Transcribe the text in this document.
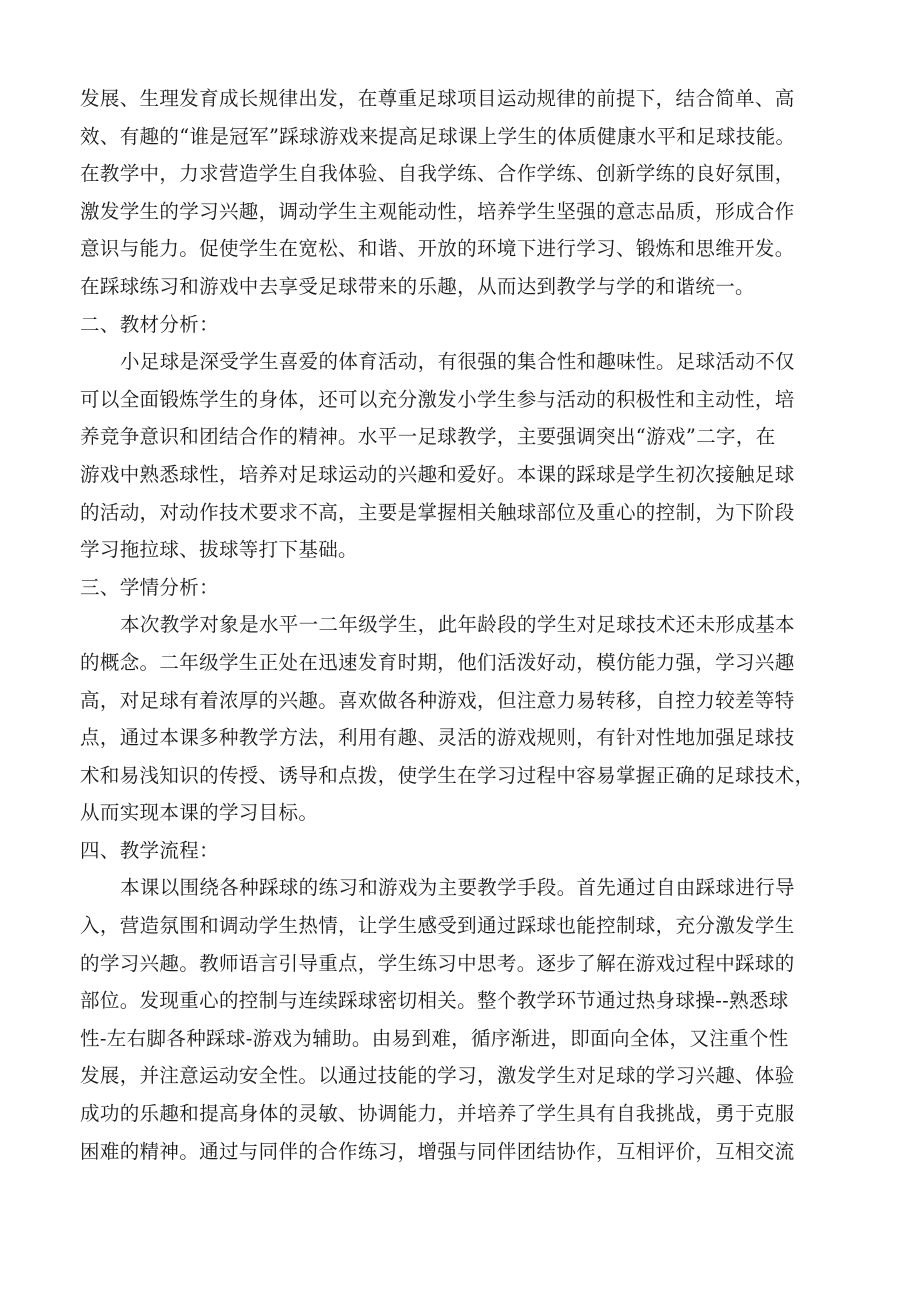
发展、生理发育成长规律出发，在尊重足球项目运动规律的前提下，结合简单、高
效、有趣的“谁是冠军”踩球游戏来提高足球课上学生的体质健康水平和足球技能。
在教学中，力求营造学生自我体验、自我学练、合作学练、创新学练的良好氛围，
激发学生的学习兴趣，调动学生主观能动性，培养学生坚强的意志品质，形成合作
意识与能力。促使学生在宽松、和谐、开放的环境下进行学习、锻炼和思维开发。
在踩球练习和游戏中去享受足球带来的乐趣，从而达到教学与学的和谐统一。
二、教材分析：
小足球是深受学生喜爱的体育活动，有很强的集合性和趣味性。足球活动不仅
可以全面锻炼学生的身体，还可以充分激发小学生参与活动的积极性和主动性，培
养竞争意识和团结合作的精神。水平一足球教学，主要强调突出“游戏”二字，在
游戏中熟悉球性，培养对足球运动的兴趣和爱好。本课的踩球是学生初次接触足球
的活动，对动作技术要求不高，主要是掌握相关触球部位及重心的控制，为下阶段
学习拖拉球、拔球等打下基础。
三、学情分析：
本次教学对象是水平一二年级学生，此年龄段的学生对足球技术还未形成基本
的概念。二年级学生正处在迅速发育时期，他们活泼好动，模仿能力强，学习兴趣
高，对足球有着浓厚的兴趣。喜欢做各种游戏，但注意力易转移，自控力较差等特
点，通过本课多种教学方法，利用有趣、灵活的游戏规则，有针对性地加强足球技
术和易浅知识的传授、诱导和点拨，使学生在学习过程中容易掌握正确的足球技术，
从而实现本课的学习目标。
四、教学流程：
本课以围绕各种踩球的练习和游戏为主要教学手段。首先通过自由踩球进行导
入，营造氛围和调动学生热情，让学生感受到通过踩球也能控制球，充分激发学生
的学习兴趣。教师语言引导重点，学生练习中思考。逐步了解在游戏过程中踩球的
部位。发现重心的控制与连续踩球密切相关。整个教学环节通过热身球操--熟悉球
性-左右脚各种踩球-游戏为辅助。由易到难，循序渐进，即面向全体，又注重个性
发展，并注意运动安全性。以通过技能的学习，激发学生对足球的学习兴趣、体验
成功的乐趣和提高身体的灵敏、协调能力，并培养了学生具有自我挑战，勇于克服
困难的精神。通过与同伴的合作练习，增强与同伴团结协作，互相评价，互相交流
